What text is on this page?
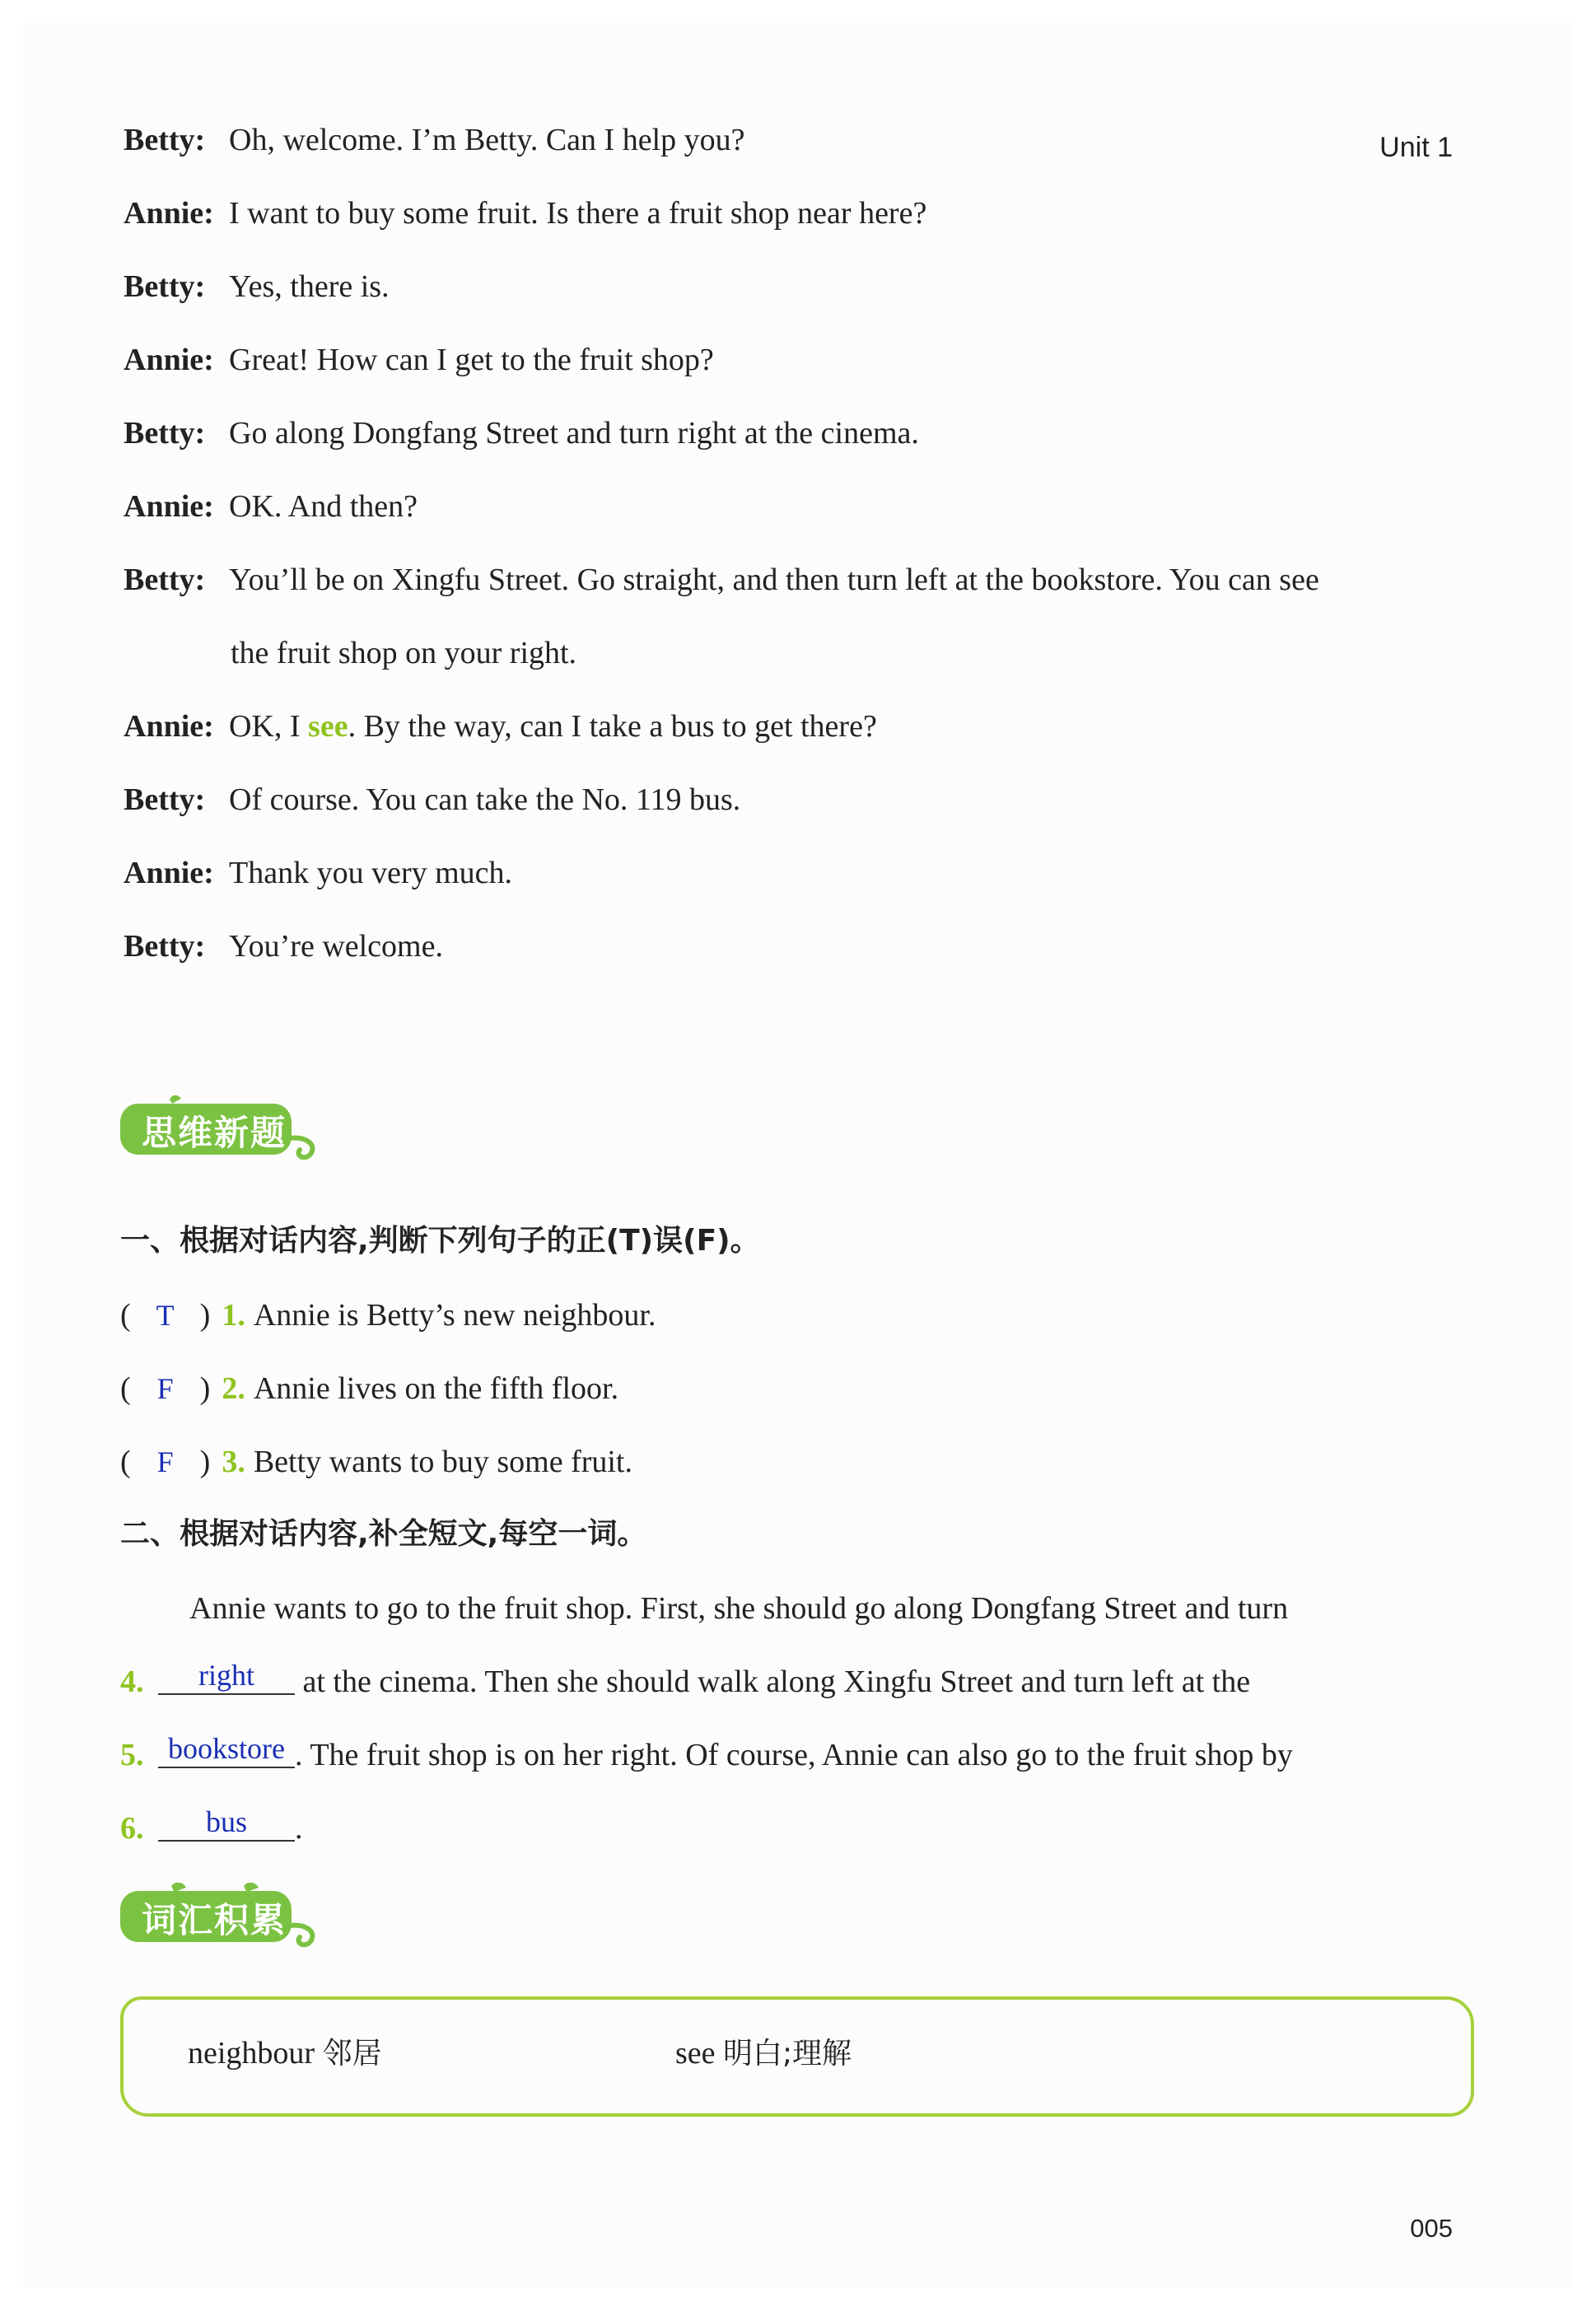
Unit 1
Betty: Oh, welcome. I’m Betty. Can I help you?
Annie: I want to buy some fruit. Is there a fruit shop near here?
Betty: Yes, there is.
Annie: Great! How can I get to the fruit shop?
Betty: Go along Dongfang Street and turn right at the cinema.
Annie: OK. And then?
Betty: You’ll be on Xingfu Street. Go straight, and then turn left at the bookstore. You can see
the fruit shop on your right.
Annie: OK, I see. By the way, can I take a bus to get there?
Betty: Of course. You can take the No. 119 bus.
Annie: Thank you very much.
Betty: You’re welcome.
思维新题
一、根据对话内容,判断下列句子的正(T)误(F)。
( T ) 1. Annie is Betty’s new neighbour.
( F ) 2. Annie lives on the fifth floor.
( F ) 3. Betty wants to buy some fruit.
二、根据对话内容,补全短文,每空一词。
Annie wants to go to the fruit shop. First, she should go along Dongfang Street and turn
4. right at the cinema. Then she should walk along Xingfu Street and turn left at the
5. bookstore . The fruit shop is on her right. Of course, Annie can also go to the fruit shop by
6. bus .
词汇积累
neighbour 邻居	see 明白;理解
005
